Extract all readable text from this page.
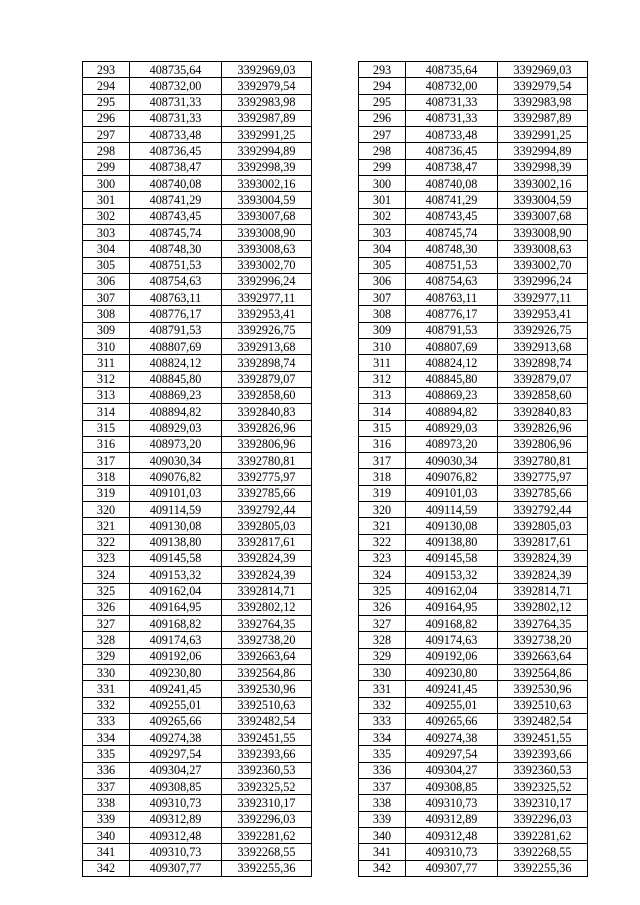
293	408735,64	3392969,03
294	408732,00	3392979,54
295	408731,33	3392983,98
296	408731,33	3392987,89
297	408733,48	3392991,25
298	408736,45	3392994,89
299	408738,47	3392998,39
300	408740,08	3393002,16
301	408741,29	3393004,59
302	408743,45	3393007,68
303	408745,74	3393008,90
304	408748,30	3393008,63
305	408751,53	3393002,70
306	408754,63	3392996,24
307	408763,11	3392977,11
308	408776,17	3392953,41
309	408791,53	3392926,75
310	408807,69	3392913,68
311	408824,12	3392898,74
312	408845,80	3392879,07
313	408869,23	3392858,60
314	408894,82	3392840,83
315	408929,03	3392826,96
316	408973,20	3392806,96
317	409030,34	3392780,81
318	409076,82	3392775,97
319	409101,03	3392785,66
320	409114,59	3392792,44
321	409130,08	3392805,03
322	409138,80	3392817,61
323	409145,58	3392824,39
324	409153,32	3392824,39
325	409162,04	3392814,71
326	409164,95	3392802,12
327	409168,82	3392764,35
328	409174,63	3392738,20
329	409192,06	3392663,64
330	409230,80	3392564,86
331	409241,45	3392530,96
332	409255,01	3392510,63
333	409265,66	3392482,54
334	409274,38	3392451,55
335	409297,54	3392393,66
336	409304,27	3392360,53
337	409308,85	3392325,52
338	409310,73	3392310,17
339	409312,89	3392296,03
340	409312,48	3392281,62
341	409310,73	3392268,55
342	409307,77	3392255,36
293	408735,64	3392969,03
294	408732,00	3392979,54
295	408731,33	3392983,98
296	408731,33	3392987,89
297	408733,48	3392991,25
298	408736,45	3392994,89
299	408738,47	3392998,39
300	408740,08	3393002,16
301	408741,29	3393004,59
302	408743,45	3393007,68
303	408745,74	3393008,90
304	408748,30	3393008,63
305	408751,53	3393002,70
306	408754,63	3392996,24
307	408763,11	3392977,11
308	408776,17	3392953,41
309	408791,53	3392926,75
310	408807,69	3392913,68
311	408824,12	3392898,74
312	408845,80	3392879,07
313	408869,23	3392858,60
314	408894,82	3392840,83
315	408929,03	3392826,96
316	408973,20	3392806,96
317	409030,34	3392780,81
318	409076,82	3392775,97
319	409101,03	3392785,66
320	409114,59	3392792,44
321	409130,08	3392805,03
322	409138,80	3392817,61
323	409145,58	3392824,39
324	409153,32	3392824,39
325	409162,04	3392814,71
326	409164,95	3392802,12
327	409168,82	3392764,35
328	409174,63	3392738,20
329	409192,06	3392663,64
330	409230,80	3392564,86
331	409241,45	3392530,96
332	409255,01	3392510,63
333	409265,66	3392482,54
334	409274,38	3392451,55
335	409297,54	3392393,66
336	409304,27	3392360,53
337	409308,85	3392325,52
338	409310,73	3392310,17
339	409312,89	3392296,03
340	409312,48	3392281,62
341	409310,73	3392268,55
342	409307,77	3392255,36
